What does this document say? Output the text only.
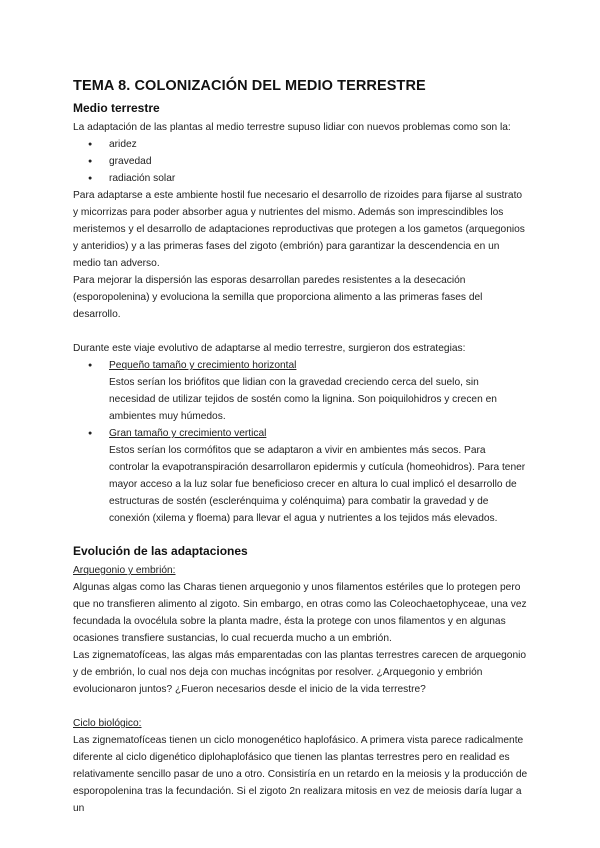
TEMA 8. COLONIZACIÓN DEL MEDIO TERRESTRE
Medio terrestre

La adaptación de las plantas al medio terrestre supuso lidiar con nuevos problemas como son la:

● aridez
● gravedad
● radiación solar

Para adaptarse a este ambiente hostil fue necesario el desarrollo de rizoides para fijarse al sustrato y micorrizas para poder absorber agua y nutrientes del mismo. Además son imprescindibles los meristemos y el desarrollo de adaptaciones reproductivas que protegen a los gametos (arquegonios y anteridios) y a las primeras fases del zigoto (embrión) para garantizar la descendencia en un medio tan adverso.

Para mejorar la dispersión las esporas desarrollan paredes resistentes a la desecación (esporopolenina) y evoluciona la semilla que proporciona alimento a las primeras fases del desarrollo.

Durante este viaje evolutivo de adaptarse al medio terrestre, surgieron dos estrategias:

● Pequeño tamaño y crecimiento horizontal
Estos serían los briófitos que lidian con la gravedad creciendo cerca del suelo, sin necesidad de utilizar tejidos de sostén como la lignina. Son poiquilohidros y crecen en ambientes muy húmedos.
● Gran tamaño y crecimiento vertical
Estos serían los cormófitos que se adaptaron a vivir en ambientes más secos. Para controlar la evapotranspiración desarrollaron epidermis y cutícula (homeohidros). Para tener mayor acceso a la luz solar fue beneficioso crecer en altura lo cual implicó el desarrollo de estructuras de sostén (esclerénquima y colénquima) para combatir la gravedad y de conexión (xilema y floema) para llevar el agua y nutrientes a los tejidos más elevados.
Evolución de las adaptaciones

Arquegonio y embrión:

Algunas algas como las Charas tienen arquegonio y unos filamentos estériles que lo protegen pero que no transfieren alimento al zigoto. Sin embargo, en otras como las Coleochaetophyceae, una vez fecundada la ovocélula sobre la planta madre, ésta la protege con unos filamentos y en algunas ocasiones transfiere sustancias, lo cual recuerda mucho a un embrión.

Las zignematofíceas, las algas más emparentadas con las plantas terrestres carecen de arquegonio y de embrión, lo cual nos deja con muchas incógnitas por resolver. ¿Arquegonio y embrión evolucionaron juntos? ¿Fueron necesarios desde el inicio de la vida terrestre?

Ciclo biológico:

Las zignematofíceas tienen un ciclo monogenético haplofásico. A primera vista parece radicalmente diferente al ciclo digenético diplohaplofásico que tienen las plantas terrestres pero en realidad es relativamente sencillo pasar de uno a otro. Consistiría en un retardo en la meiosis y la producción de esporopolenina tras la fecundación. Si el zigoto 2n realizara mitosis en vez de meiosis daría lugar a un
